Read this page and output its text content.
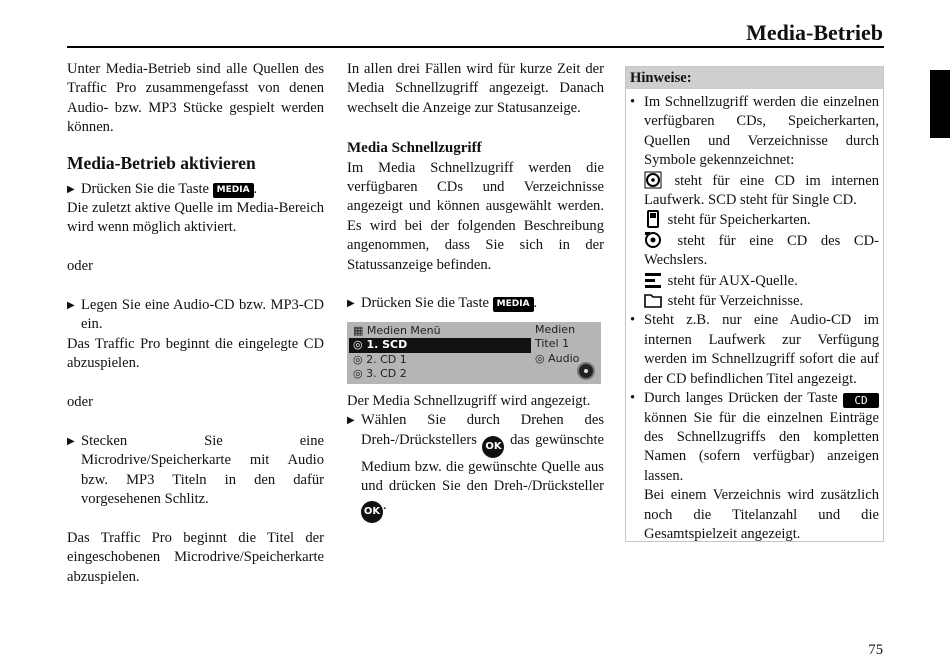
Media-Betrieb

Unter Media-Betrieb sind alle Quellen des Traffic Pro zusammengefasst von denen Audio- bzw. MP3 Stücke gespielt werden können.

Media-Betrieb aktivieren
▶ Drücken Sie die Taste MEDIA .

Die zuletzt aktive Quelle im Media-Bereich wird wenn möglich aktiviert.

oder

▶ Legen Sie eine Audio-CD bzw. MP3-CD ein.

Das Traffic Pro beginnt die eingelegte CD abzuspielen.

oder

▶ Stecken Sie eine Microdrive/Speicherkarte mit Audio bzw. MP3 Titeln in den dafür vorgesehenen Schlitz.

Das Traffic Pro beginnt die Titel der eingeschobenen Microdrive/Speicherkarte abzuspielen.

In allen drei Fällen wird für kurze Zeit der Media Schnellzugriff angezeigt. Danach wechselt die Anzeige zur Statusanzeige.

Media Schnellzugriff

Im Media Schnellzugriff werden die verfügbaren CDs und Verzeichnisse angezeigt und können ausgewählt werden. Es wird bei der folgenden Beschreibung angenommen, dass Sie sich in der Statussanzeige befinden.

▶ Drücken Sie die Taste MEDIA .
▦ Medien Menü
◎ 1. SCD
◎ 2. CD 1
◎ 3. CD 2
Medien
Titel 1
◎ Audio

Der Media Schnellzugriff wird angezeigt.

▶ Wählen Sie durch Drehen des Dreh-/Drückstellers OK das gewünschte Medium bzw. die gewünschte Quelle aus und drücken Sie den Dreh-/Drücksteller OK .
Hinweise:
• Im Schnellzugriff werden die einzelnen verfügbaren CDs, Speicherkarten, Quellen und Verzeichnisse durch Symbole gekennzeichnet:
steht für eine CD im internen Laufwerk. SCD steht für Single CD.
steht für Speicherkarten.
steht für eine CD des CD-Wechslers.
steht für AUX-Quelle.
steht für Verzeichnisse.
• Steht z.B. nur eine Audio-CD im internen Laufwerk zur Verfügung werden im Schnellzugriff sofort die auf der CD befindlichen Titel angezeigt.
• Durch langes Drücken der Taste CD können Sie für die einzelnen Einträge des Schnellzugriffs den kompletten Namen (sofern verfügbar) anzeigen lassen.
Bei einem Verzeichnis wird zusätzlich noch die Titelanzahl und die Gesamtspielzeit angezeigt.
75
